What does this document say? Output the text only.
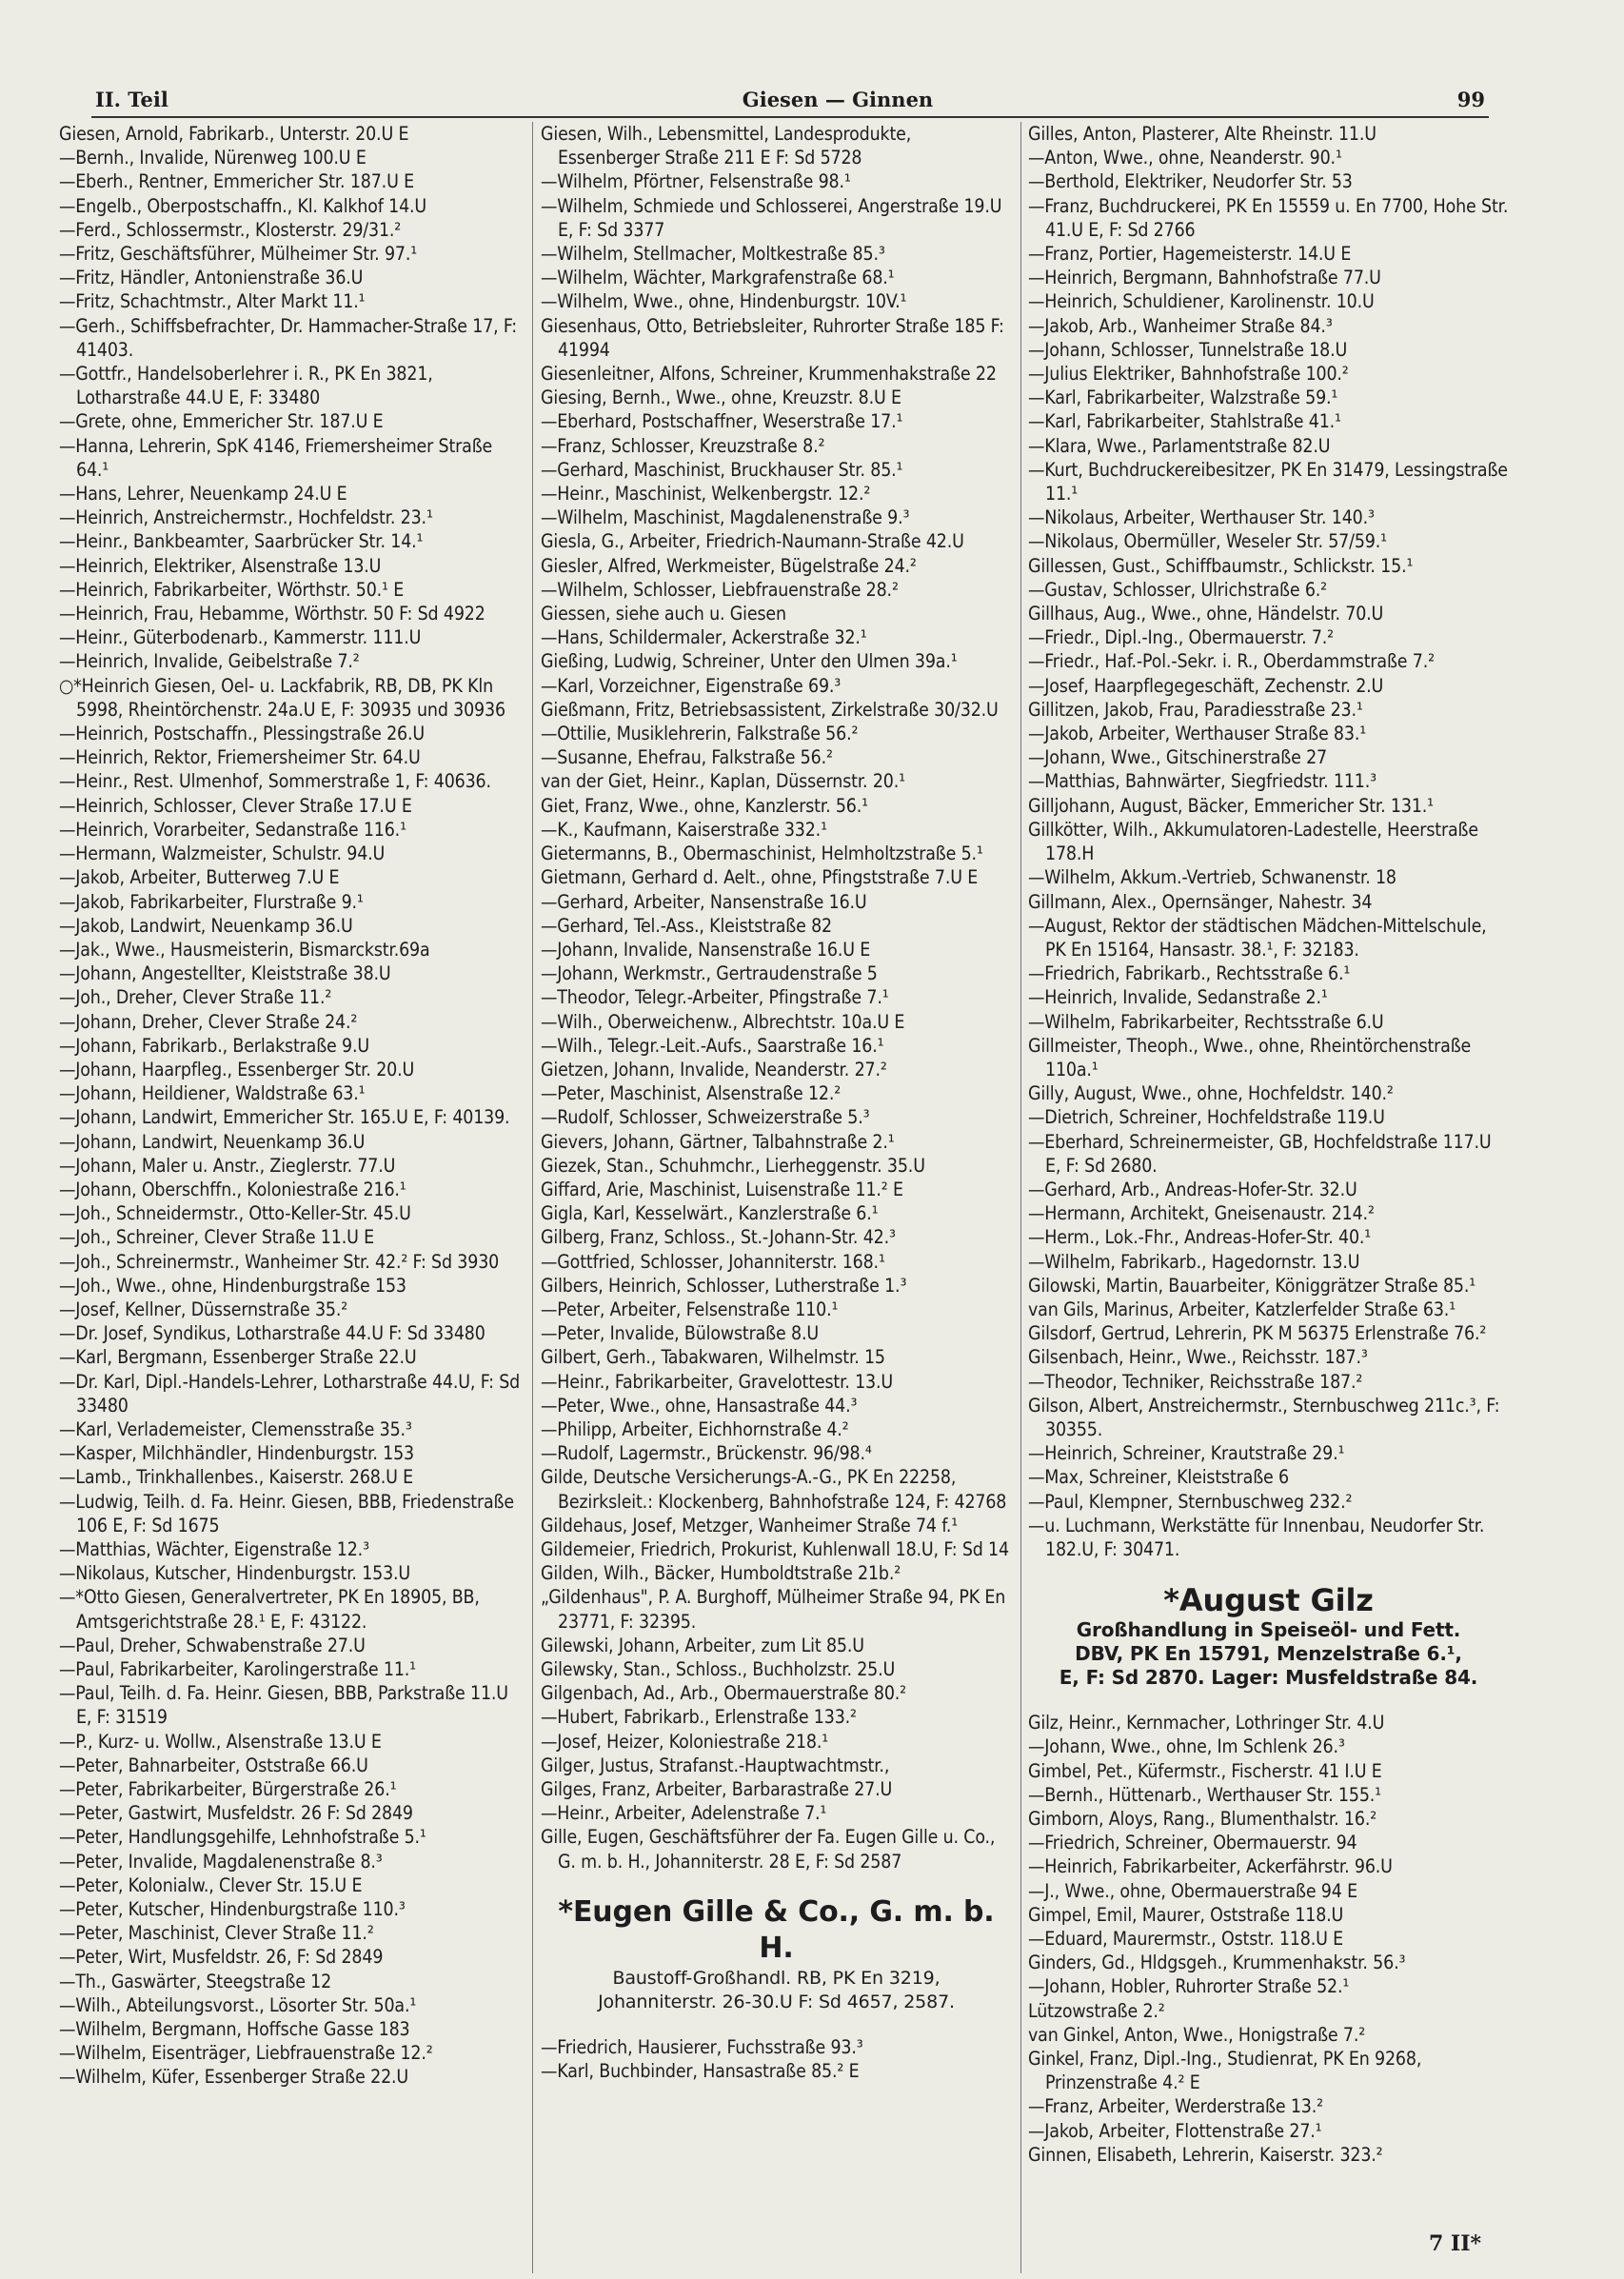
II. Teil	Giesen — Ginnen	99

Giesen, Arnold, Fabrikarb., Unterstr. 20.U E

—Bernh., Invalide, Nürenweg 100.U E

—Eberh., Rentner, Emmericher Str. 187.U E

—Engelb., Oberpostschaffn., Kl. Kalkhof 14.U

—Ferd., Schlossermstr., Klosterstr. 29/31.²

—Fritz, Geschäftsführer, Mülheimer Str. 97.¹

—Fritz, Händler, Antonienstraße 36.U

—Fritz, Schachtmstr., Alter Markt 11.¹

—Gerh., Schiffsbefrachter, Dr. Hammacher-Straße 17, F: 41403.

—Gottfr., Handelsoberlehrer i. R., PK En 3821, Lotharstraße 44.U E, F: 33480

—Grete, ohne, Emmericher Str. 187.U E

—Hanna, Lehrerin, SpK 4146, Friemersheimer Straße 64.¹

—Hans, Lehrer, Neuenkamp 24.U E

—Heinrich, Anstreichermstr., Hochfeldstr. 23.¹

—Heinr., Bankbeamter, Saarbrücker Str. 14.¹

—Heinrich, Elektriker, Alsenstraße 13.U

—Heinrich, Fabrikarbeiter, Wörthstr. 50.¹ E

—Heinrich, Frau, Hebamme, Wörthstr. 50 F: Sd 4922

—Heinr., Güterbodenarb., Kammerstr. 111.U

—Heinrich, Invalide, Geibelstraße 7.²

○*Heinrich Giesen, Oel- u. Lackfabrik, RB, DB, PK Kln 5998, Rheintörchenstr. 24a.U E, F: 30935 und 30936

—Heinrich, Postschaffn., Plessingstraße 26.U

—Heinrich, Rektor, Friemersheimer Str. 64.U

—Heinr., Rest. Ulmenhof, Sommerstraße 1, F: 40636.

—Heinrich, Schlosser, Clever Straße 17.U E

—Heinrich, Vorarbeiter, Sedanstraße 116.¹

—Hermann, Walzmeister, Schulstr. 94.U

—Jakob, Arbeiter, Butterweg 7.U E

—Jakob, Fabrikarbeiter, Flurstraße 9.¹

—Jakob, Landwirt, Neuenkamp 36.U

—Jak., Wwe., Hausmeisterin, Bismarckstr.69a

—Johann, Angestellter, Kleiststraße 38.U

—Joh., Dreher, Clever Straße 11.²

—Johann, Dreher, Clever Straße 24.²

—Johann, Fabrikarb., Berlakstraße 9.U

—Johann, Haarpfleg., Essenberger Str. 20.U

—Johann, Heildiener, Waldstraße 63.¹

—Johann, Landwirt, Emmericher Str. 165.U E, F: 40139.

—Johann, Landwirt, Neuenkamp 36.U

—Johann, Maler u. Anstr., Zieglerstr. 77.U

—Johann, Oberschffn., Koloniestraße 216.¹

—Joh., Schneidermstr., Otto-Keller-Str. 45.U

—Joh., Schreiner, Clever Straße 11.U E

—Joh., Schreinermstr., Wanheimer Str. 42.² F: Sd 3930

—Joh., Wwe., ohne, Hindenburgstraße 153

—Josef, Kellner, Düssernstraße 35.²

—Dr. Josef, Syndikus, Lotharstraße 44.U F: Sd 33480

—Karl, Bergmann, Essenberger Straße 22.U

—Dr. Karl, Dipl.-Handels-Lehrer, Lotharstraße 44.U, F: Sd 33480

—Karl, Verlademeister, Clemensstraße 35.³

—Kasper, Milchhändler, Hindenburgstr. 153

—Lamb., Trinkhallenbes., Kaiserstr. 268.U E

—Ludwig, Teilh. d. Fa. Heinr. Giesen, BBB, Friedenstraße 106 E, F: Sd 1675

—Matthias, Wächter, Eigenstraße 12.³

—Nikolaus, Kutscher, Hindenburgstr. 153.U

—*Otto Giesen, Generalvertreter, PK En 18905, BB, Amtsgerichtstraße 28.¹ E, F: 43122.

—Paul, Dreher, Schwabenstraße 27.U

—Paul, Fabrikarbeiter, Karolingerstraße 11.¹

—Paul, Teilh. d. Fa. Heinr. Giesen, BBB, Parkstraße 11.U E, F: 31519

—P., Kurz- u. Wollw., Alsenstraße 13.U E

—Peter, Bahnarbeiter, Oststraße 66.U

—Peter, Fabrikarbeiter, Bürgerstraße 26.¹

—Peter, Gastwirt, Musfeldstr. 26 F: Sd 2849

—Peter, Handlungsgehilfe, Lehnhofstraße 5.¹

—Peter, Invalide, Magdalenenstraße 8.³

—Peter, Kolonialw., Clever Str. 15.U E

—Peter, Kutscher, Hindenburgstraße 110.³

—Peter, Maschinist, Clever Straße 11.²

—Peter, Wirt, Musfeldstr. 26, F: Sd 2849

—Th., Gaswärter, Steegstraße 12

—Wilh., Abteilungsvorst., Lösorter Str. 50a.¹

—Wilhelm, Bergmann, Hoffsche Gasse 183

—Wilhelm, Eisenträger, Liebfrauenstraße 12.²

—Wilhelm, Küfer, Essenberger Straße 22.U

Giesen, Wilh., Lebensmittel, Landesprodukte, Essenberger Straße 211 E F: Sd 5728

—Wilhelm, Pförtner, Felsenstraße 98.¹

—Wilhelm, Schmiede und Schlosserei, Angerstraße 19.U E, F: Sd 3377

—Wilhelm, Stellmacher, Moltkestraße 85.³

—Wilhelm, Wächter, Markgrafenstraße 68.¹

—Wilhelm, Wwe., ohne, Hindenburgstr. 10V.¹

Giesenhaus, Otto, Betriebsleiter, Ruhrorter Straße 185 F: 41994

Giesenleitner, Alfons, Schreiner, Krummenhakstraße 22

Giesing, Bernh., Wwe., ohne, Kreuzstr. 8.U E

—Eberhard, Postschaffner, Weserstraße 17.¹

—Franz, Schlosser, Kreuzstraße 8.²

—Gerhard, Maschinist, Bruckhauser Str. 85.¹

—Heinr., Maschinist, Welkenbergstr. 12.²

—Wilhelm, Maschinist, Magdalenenstraße 9.³

Giesla, G., Arbeiter, Friedrich-Naumann-Straße 42.U

Giesler, Alfred, Werkmeister, Bügelstraße 24.²

—Wilhelm, Schlosser, Liebfrauenstraße 28.²

Giessen, siehe auch u. Giesen

—Hans, Schildermaler, Ackerstraße 32.¹

Gießing, Ludwig, Schreiner, Unter den Ulmen 39a.¹

—Karl, Vorzeichner, Eigenstraße 69.³

Gießmann, Fritz, Betriebsassistent, Zirkelstraße 30/32.U

—Ottilie, Musiklehrerin, Falkstraße 56.²

—Susanne, Ehefrau, Falkstraße 56.²

van der Giet, Heinr., Kaplan, Düssernstr. 20.¹

Giet, Franz, Wwe., ohne, Kanzlerstr. 56.¹

—K., Kaufmann, Kaiserstraße 332.¹

Gietermanns, B., Obermaschinist, Helmholtzstraße 5.¹

Gietmann, Gerhard d. Aelt., ohne, Pfingststraße 7.U E

—Gerhard, Arbeiter, Nansenstraße 16.U

—Gerhard, Tel.-Ass., Kleiststraße 82

—Johann, Invalide, Nansenstraße 16.U E

—Johann, Werkmstr., Gertraudenstraße 5

—Theodor, Telegr.-Arbeiter, Pfingstraße 7.¹

—Wilh., Oberweichenw., Albrechtstr. 10a.U E

—Wilh., Telegr.-Leit.-Aufs., Saarstraße 16.¹

Gietzen, Johann, Invalide, Neanderstr. 27.²

—Peter, Maschinist, Alsenstraße 12.²

—Rudolf, Schlosser, Schweizerstraße 5.³

Gievers, Johann, Gärtner, Talbahnstraße 2.¹

Giezek, Stan., Schuhmchr., Lierheggenstr. 35.U

Giffard, Arie, Maschinist, Luisenstraße 11.² E

Gigla, Karl, Kesselwärt., Kanzlerstraße 6.¹

Gilberg, Franz, Schloss., St.-Johann-Str. 42.³

—Gottfried, Schlosser, Johanniterstr. 168.¹

Gilbers, Heinrich, Schlosser, Lutherstraße 1.³

—Peter, Arbeiter, Felsenstraße 110.¹

—Peter, Invalide, Bülowstraße 8.U

Gilbert, Gerh., Tabakwaren, Wilhelmstr. 15

—Heinr., Fabrikarbeiter, Gravelottestr. 13.U

—Peter, Wwe., ohne, Hansastraße 44.³

—Philipp, Arbeiter, Eichhornstraße 4.²

—Rudolf, Lagermstr., Brückenstr. 96/98.⁴

Gilde, Deutsche Versicherungs-A.-G., PK En 22258, Bezirksleit.: Klockenberg, Bahnhofstraße 124, F: 42768

Gildehaus, Josef, Metzger, Wanheimer Straße 74 f.¹

Gildemeier, Friedrich, Prokurist, Kuhlenwall 18.U, F: Sd 14

Gilden, Wilh., Bäcker, Humboldtstraße 21b.²

„Gildenhaus", P. A. Burghoff, Mülheimer Straße 94, PK En 23771, F: 32395.

Gilewski, Johann, Arbeiter, zum Lit 85.U

Gilewsky, Stan., Schloss., Buchholzstr. 25.U

Gilgenbach, Ad., Arb., Obermauerstraße 80.²

—Hubert, Fabrikarb., Erlenstraße 133.²

—Josef, Heizer, Koloniestraße 218.¹

Gilger, Justus, Strafanst.-Hauptwachtmstr.,

Gilges, Franz, Arbeiter, Barbarastraße 27.U

—Heinr., Arbeiter, Adelenstraße 7.¹

Gille, Eugen, Geschäftsführer der Fa. Eugen Gille u. Co., G. m. b. H., Johanniterstr. 28 E, F: Sd 2587

*Eugen Gille & Co., G. m. b. H.
Baustoff-Großhandl. RB, PK En 3219,
Johanniterstr. 26-30.U F: Sd 4657, 2587.

—Friedrich, Hausierer, Fuchsstraße 93.³

—Karl, Buchbinder, Hansastraße 85.² E

Gilles, Anton, Plasterer, Alte Rheinstr. 11.U

—Anton, Wwe., ohne, Neanderstr. 90.¹

—Berthold, Elektriker, Neudorfer Str. 53

—Franz, Buchdruckerei, PK En 15559 u. En 7700, Hohe Str. 41.U E, F: Sd 2766

—Franz, Portier, Hagemeisterstr. 14.U E

—Heinrich, Bergmann, Bahnhofstraße 77.U

—Heinrich, Schuldiener, Karolinenstr. 10.U

—Jakob, Arb., Wanheimer Straße 84.³

—Johann, Schlosser, Tunnelstraße 18.U

—Julius Elektriker, Bahnhofstraße 100.²

—Karl, Fabrikarbeiter, Walzstraße 59.¹

—Karl, Fabrikarbeiter, Stahlstraße 41.¹

—Klara, Wwe., Parlamentstraße 82.U

—Kurt, Buchdruckereibesitzer, PK En 31479, Lessingstraße 11.¹

—Nikolaus, Arbeiter, Werthauser Str. 140.³

—Nikolaus, Obermüller, Weseler Str. 57/59.¹

Gillessen, Gust., Schiffbaumstr., Schlickstr. 15.¹

—Gustav, Schlosser, Ulrichstraße 6.²

Gillhaus, Aug., Wwe., ohne, Händelstr. 70.U

—Friedr., Dipl.-Ing., Obermauerstr. 7.²

—Friedr., Haf.-Pol.-Sekr. i. R., Oberdammstraße 7.²

—Josef, Haarpflegegeschäft, Zechenstr. 2.U

Gillitzen, Jakob, Frau, Paradiesstraße 23.¹

—Jakob, Arbeiter, Werthauser Straße 83.¹

—Johann, Wwe., Gitschinerstraße 27

—Matthias, Bahnwärter, Siegfriedstr. 111.³

Gilljohann, August, Bäcker, Emmericher Str. 131.¹

Gillkötter, Wilh., Akkumulatoren-Ladestelle, Heerstraße 178.H

—Wilhelm, Akkum.-Vertrieb, Schwanenstr. 18

Gillmann, Alex., Opernsänger, Nahestr. 34

—August, Rektor der städtischen Mädchen-Mittelschule, PK En 15164, Hansastr. 38.¹, F: 32183.

—Friedrich, Fabrikarb., Rechtsstraße 6.¹

—Heinrich, Invalide, Sedanstraße 2.¹

—Wilhelm, Fabrikarbeiter, Rechtsstraße 6.U

Gillmeister, Theoph., Wwe., ohne, Rheintörchenstraße 110a.¹

Gilly, August, Wwe., ohne, Hochfeldstr. 140.²

—Dietrich, Schreiner, Hochfeldstraße 119.U

—Eberhard, Schreinermeister, GB, Hochfeldstraße 117.U E, F: Sd 2680.

—Gerhard, Arb., Andreas-Hofer-Str. 32.U

—Hermann, Architekt, Gneisenaustr. 214.²

—Herm., Lok.-Fhr., Andreas-Hofer-Str. 40.¹

—Wilhelm, Fabrikarb., Hagedornstr. 13.U

Gilowski, Martin, Bauarbeiter, Königgrätzer Straße 85.¹

van Gils, Marinus, Arbeiter, Katzlerfelder Straße 63.¹

Gilsdorf, Gertrud, Lehrerin, PK M 56375 Erlenstraße 76.²

Gilsenbach, Heinr., Wwe., Reichsstr. 187.³

—Theodor, Techniker, Reichsstraße 187.²

Gilson, Albert, Anstreichermstr., Sternbuschweg 211c.³, F: 30355.

—Heinrich, Schreiner, Krautstraße 29.¹

—Max, Schreiner, Kleiststraße 6

—Paul, Klempner, Sternbuschweg 232.²

—u. Luchmann, Werkstätte für Innenbau, Neudorfer Str. 182.U, F: 30471.

*August Gilz
Großhandlung in Speiseöl- und Fett.
DBV, PK En 15791, Menzelstraße 6.¹,
E, F: Sd 2870. Lager: Musfeldstraße 84.

Gilz, Heinr., Kernmacher, Lothringer Str. 4.U

—Johann, Wwe., ohne, Im Schlenk 26.³

Gimbel, Pet., Küfermstr., Fischerstr. 41 I.U E

—Bernh., Hüttenarb., Werthauser Str. 155.¹

Gimborn, Aloys, Rang., Blumenthalstr. 16.²

—Friedrich, Schreiner, Obermauerstr. 94

—Heinrich, Fabrikarbeiter, Ackerfährstr. 96.U

—J., Wwe., ohne, Obermauerstraße 94 E

Gimpel, Emil, Maurer, Oststraße 118.U

—Eduard, Maurermstr., Oststr. 118.U E

Ginders, Gd., Hldgsgeh., Krummenhakstr. 56.³

—Johann, Hobler, Ruhrorter Straße 52.¹

Lützowstraße 2.²

van Ginkel, Anton, Wwe., Honigstraße 7.²

Ginkel, Franz, Dipl.-Ing., Studienrat, PK En 9268, Prinzenstraße 4.² E

—Franz, Arbeiter, Werderstraße 13.²

—Jakob, Arbeiter, Flottenstraße 27.¹

Ginnen, Elisabeth, Lehrerin, Kaiserstr. 323.²

7 II*
